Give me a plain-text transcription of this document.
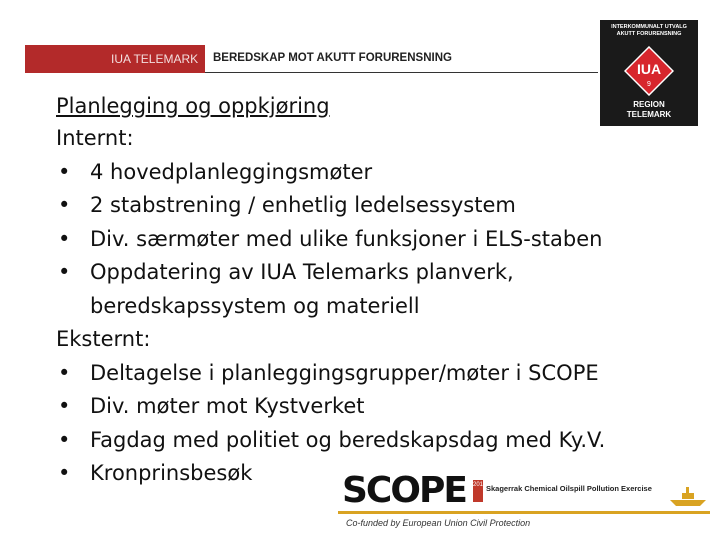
IUA TELEMARK BEREDSKAP MOT AKUTT FORURENSNING
INTERKOMMUNALT UTVALG
AKUTT FORURENSNING
IUA
9
REGION
TELEMARK
Planlegging og oppkjøring
Internt:
• 4 hovedplanleggingsmøter
• 2 stabstrening / enhetlig ledelsessystem
• Div. særmøter med ulike funksjoner i ELS-staben
• Oppdatering av IUA Telemarks planverk,
beredskapssystem og materiell
Eksternt:
• Deltagelse i planleggingsgrupper/møter i SCOPE
• Div. møter mot Kystverket
• Fagdag med politiet og beredskapsdag med Ky.V.
• Kronprinsbesøk	SCOPE 2017 Skagerrak Chemical Oilspill Pollution Exercise
Co-funded by European Union Civil Protection
